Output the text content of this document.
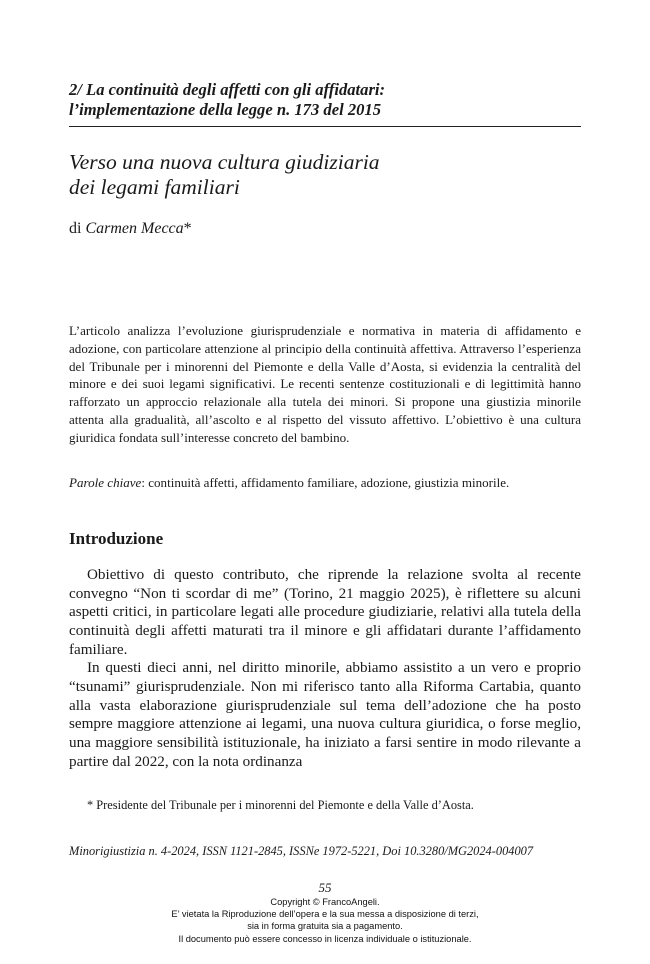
2/ La continuità degli affetti con gli affidatari:
l’implementazione della legge n. 173 del 2015
Verso una nuova cultura giudiziaria
dei legami familiari
di Carmen Mecca*

L’articolo analizza l’evoluzione giurisprudenziale e normativa in materia di affidamento e adozione, con particolare attenzione al principio della continuità affettiva. Attraverso l’esperienza del Tribunale per i minorenni del Piemonte e della Valle d’Aosta, si evidenzia la centralità del minore e dei suoi legami significativi. Le recenti sentenze costituzionali e di legittimità hanno rafforzato un approccio relazionale alla tutela dei minori. Si propone una giustizia minorile attenta alla gradualità, all’ascolto e al rispetto del vissuto affettivo. L’obiettivo è una cultura giuridica fondata sull’interesse concreto del bambino.

Parole chiave: continuità affetti, affidamento familiare, adozione, giustizia minorile.

Introduzione

Obiettivo di questo contributo, che riprende la relazione svolta al recente convegno “Non ti scordar di me” (Torino, 21 maggio 2025), è riflettere su alcuni aspetti critici, in particolare legati alle procedure giudiziarie, relativi alla tutela della continuità degli affetti maturati tra il minore e gli affidatari durante l’affidamento familiare.

In questi dieci anni, nel diritto minorile, abbiamo assistito a un vero e proprio “tsunami” giurisprudenziale. Non mi riferisco tanto alla Riforma Cartabia, quanto alla vasta elaborazione giurisprudenziale sul tema dell’adozione che ha posto sempre maggiore attenzione ai legami, una nuova cultura giuridica, o forse meglio, una maggiore sensibilità istituzionale, ha iniziato a farsi sentire in modo rilevante a partire dal 2022, con la nota ordinanza

* Presidente del Tribunale per i minorenni del Piemonte e della Valle d’Aosta.

Minorigiustizia n. 4-2024, ISSN 1121-2845, ISSNe 1972-5221, Doi 10.3280/MG2024-004007

55
Copyright © FrancoAngeli.
E’ vietata la Riproduzione dell’opera e la sua messa a disposizione di terzi,
sia in forma gratuita sia a pagamento.
Il documento può essere concesso in licenza individuale o istituzionale.
